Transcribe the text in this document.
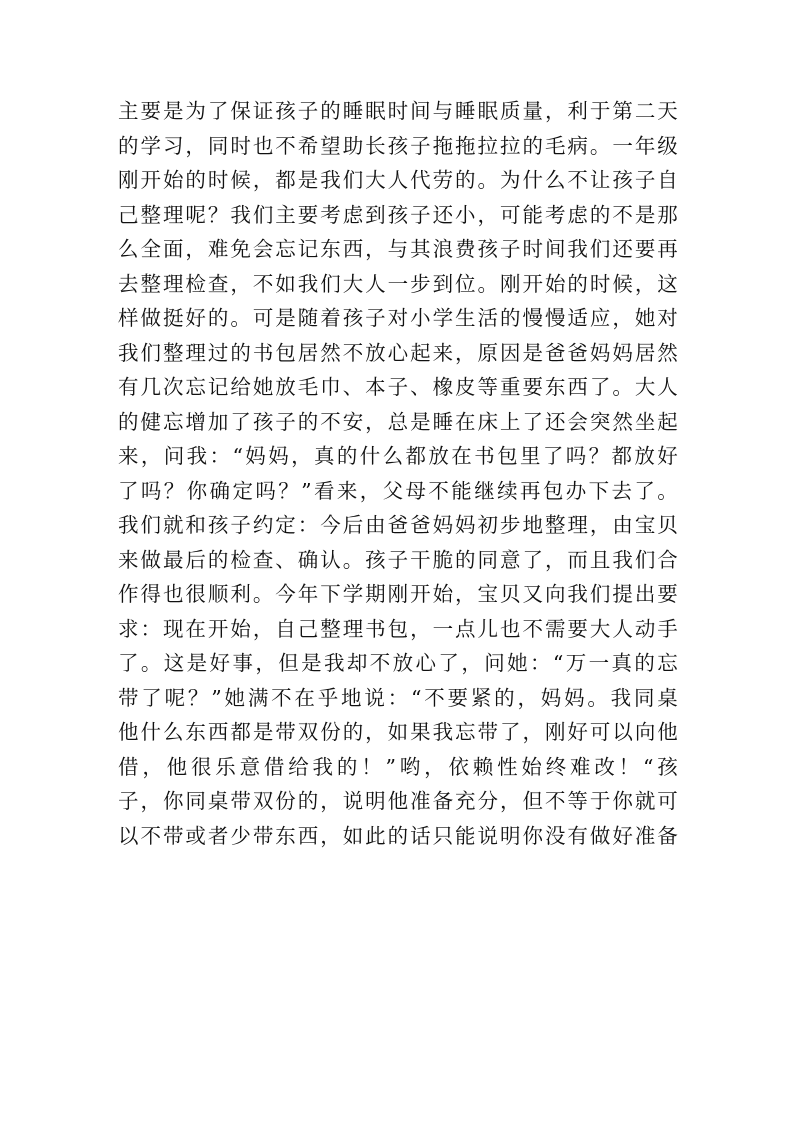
主要是为了保证孩子的睡眠时间与睡眠质量，利于第二天
的学习，同时也不希望助长孩子拖拖拉拉的毛病。一年级
刚开始的时候，都是我们大人代劳的。为什么不让孩子自
己整理呢？我们主要考虑到孩子还小，可能考虑的不是那
么全面，难免会忘记东西，与其浪费孩子时间我们还要再
去整理检查，不如我们大人一步到位。刚开始的时候，这
样做挺好的。可是随着孩子对小学生活的慢慢适应，她对
我们整理过的书包居然不放心起来，原因是爸爸妈妈居然
有几次忘记给她放毛巾、本子、橡皮等重要东西了。大人
的健忘增加了孩子的不安，总是睡在床上了还会突然坐起
来，问我：“妈妈，真的什么都放在书包里了吗？都放好
了吗？你确定吗？”看来，父母不能继续再包办下去了。
我们就和孩子约定：今后由爸爸妈妈初步地整理，由宝贝
来做最后的检查、确认。孩子干脆的同意了，而且我们合
作得也很顺利。今年下学期刚开始，宝贝又向我们提出要
求：现在开始，自己整理书包，一点儿也不需要大人动手
了。这是好事，但是我却不放心了，问她：“万一真的忘
带了呢？”她满不在乎地说：“不要紧的，妈妈。我同桌
他什么东西都是带双份的，如果我忘带了，刚好可以向他
借，他很乐意借给我的！”哟，依赖性始终难改！“孩
子，你同桌带双份的，说明他准备充分，但不等于你就可
以不带或者少带东西，如此的话只能说明你没有做好准备
